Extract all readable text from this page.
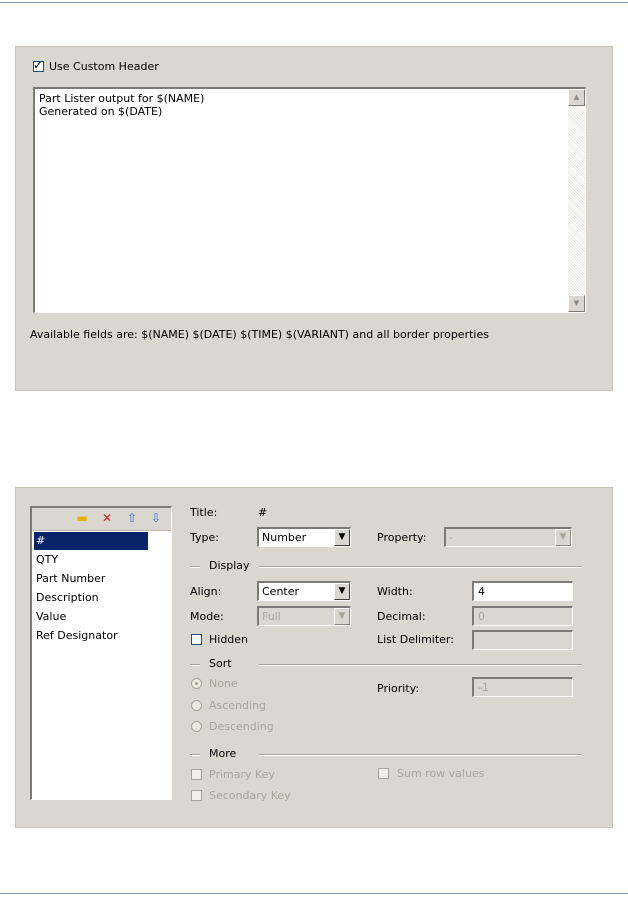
✓ Use Custom Header
Part Lister output for $(NAME)
Generated on $(DATE)
▲
▼
Available fields are: $(NAME) $(DATE) $(TIME) $(VARIANT) and all border properties
▬ ✕ ⇧ ⇩
#
QTY
Part Number
Description
Value
Ref Designator
Title:	#
Type:	Number	▼	Property: -	▼
Display
Align:	Center	▼	Width:	4
Mode:	Full	▼	Decimal:	0
Hidden	List Delimiter:
Sort
None	Priority:	-1
Ascending
Descending
More
Primary Key	Sum row values
Secondary Key
